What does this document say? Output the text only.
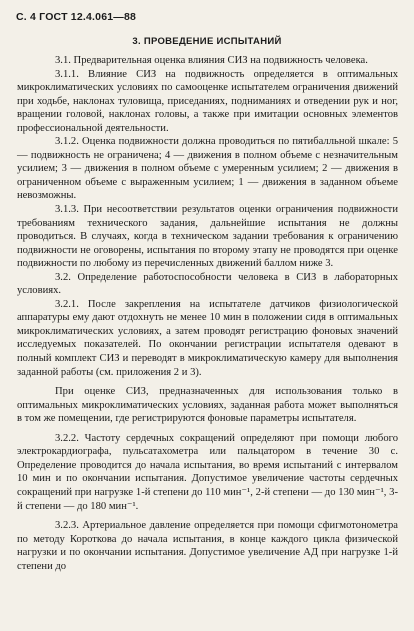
С. 4 ГОСТ 12.4.061—88
3. ПРОВЕДЕНИЕ ИСПЫТАНИЙ

3.1. Предварительная оценка влияния СИЗ на подвижность человека.

3.1.1. Влияние СИЗ на подвижность определяется в оптимальных микроклиматических условиях по самооценке испытателем ограничения движений при ходьбе, наклонах туловища, приседаниях, подниманиях и отведении рук и ног, вращении головой, наклонах головы, а также при имитации основных элементов профессиональной деятельности.

3.1.2. Оценка подвижности должна проводиться по пятибалльной шкале: 5 — подвижность не ограничена; 4 — движения в полном объеме с незначительным усилием; 3 — движения в полном объеме с умеренным усилием; 2 — движения в ограниченном объеме с выраженным усилием; 1 — движения в заданном объеме невозможны.

3.1.3. При несоответствии результатов оценки ограничения подвижности требованиям технического задания, дальнейшие испытания не должны проводиться. В случаях, когда в техническом задании требования к ограничению подвижности не оговорены, испытания по второму этапу не проводятся при оценке подвижности по любому из перечисленных движений баллом ниже 3.

3.2. Определение работоспособности человека в СИЗ в лабораторных условиях.

3.2.1. После закрепления на испытателе датчиков физиологической аппаратуры ему дают отдохнуть не менее 10 мин в положении сидя в оптимальных микроклиматических условиях, а затем проводят регистрацию фоновых значений исследуемых показателей. По окончании регистрации испытателя одевают в полный комплект СИЗ и переводят в микроклиматическую камеру для выполнения заданной работы (см. приложения 2 и 3).

При оценке СИЗ, предназначенных для использования только в оптимальных микроклиматических условиях, заданная работа может выполняться в том же помещении, где регистрируются фоновые параметры испытателя.

3.2.2. Частоту сердечных сокращений определяют при помощи любого электрокардиографа, пульсатахометра или пальцатором в течение 30 с. Определение проводится до начала испытания, во время испытаний с интервалом 10 мин и по окончании испытания. Допустимое увеличение частоты сердечных сокращений при нагрузке 1-й степени до 110 мин⁻¹, 2-й степени — до 130 мин⁻¹, 3-й степени — до 180 мин⁻¹.

3.2.3. Артериальное давление определяется при помощи сфигмотонометра по методу Короткова до начала испытания, в конце каждого цикла физической нагрузки и по окончании испытания. Допустимое увеличение АД при нагрузке 1-й степени до
